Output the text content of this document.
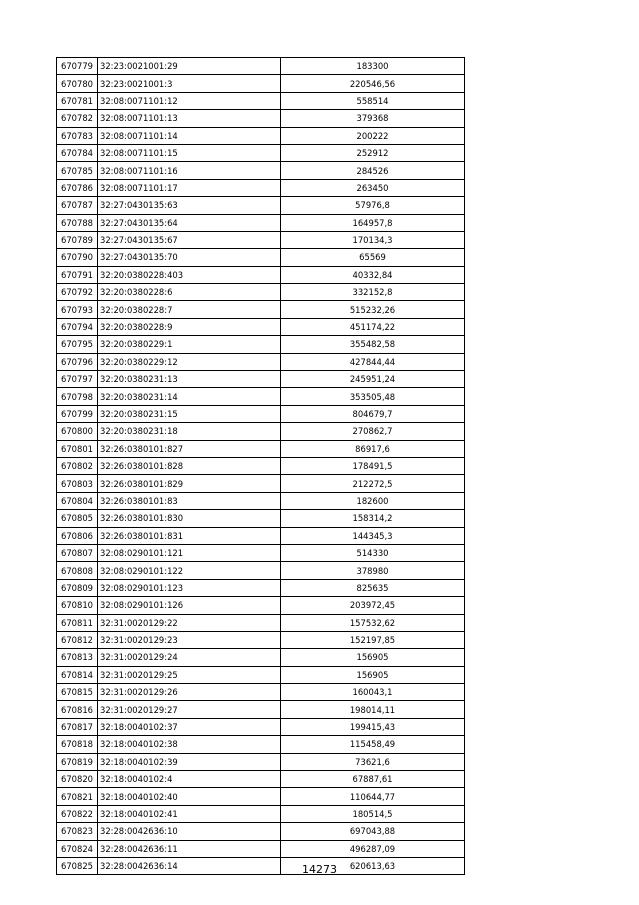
670779	32:23:0021001:29	183300
670780	32:23:0021001:3	220546,56
670781	32:08:0071101:12	558514
670782	32:08:0071101:13	379368
670783	32:08:0071101:14	200222
670784	32:08:0071101:15	252912
670785	32:08:0071101:16	284526
670786	32:08:0071101:17	263450
670787	32:27:0430135:63	57976,8
670788	32:27:0430135:64	164957,8
670789	32:27:0430135:67	170134,3
670790	32:27:0430135:70	65569
670791	32:20:0380228:403	40332,84
670792	32:20:0380228:6	332152,8
670793	32:20:0380228:7	515232,26
670794	32:20:0380228:9	451174,22
670795	32:20:0380229:1	355482,58
670796	32:20:0380229:12	427844,44
670797	32:20:0380231:13	245951,24
670798	32:20:0380231:14	353505,48
670799	32:20:0380231:15	804679,7
670800	32:20:0380231:18	270862,7
670801	32:26:0380101:827	86917,6
670802	32:26:0380101:828	178491,5
670803	32:26:0380101:829	212272,5
670804	32:26:0380101:83	182600
670805	32:26:0380101:830	158314,2
670806	32:26:0380101:831	144345,3
670807	32:08:0290101:121	514330
670808	32:08:0290101:122	378980
670809	32:08:0290101:123	825635
670810	32:08:0290101:126	203972,45
670811	32:31:0020129:22	157532,62
670812	32:31:0020129:23	152197,85
670813	32:31:0020129:24	156905
670814	32:31:0020129:25	156905
670815	32:31:0020129:26	160043,1
670816	32:31:0020129:27	198014,11
670817	32:18:0040102:37	199415,43
670818	32:18:0040102:38	115458,49
670819	32:18:0040102:39	73621,6
670820	32:18:0040102:4	67887,61
670821	32:18:0040102:40	110644,77
670822	32:18:0040102:41	180514,5
670823	32:28:0042636:10	697043,88
670824	32:28:0042636:11	496287,09
670825	32:28:0042636:14	620613,63
14273
